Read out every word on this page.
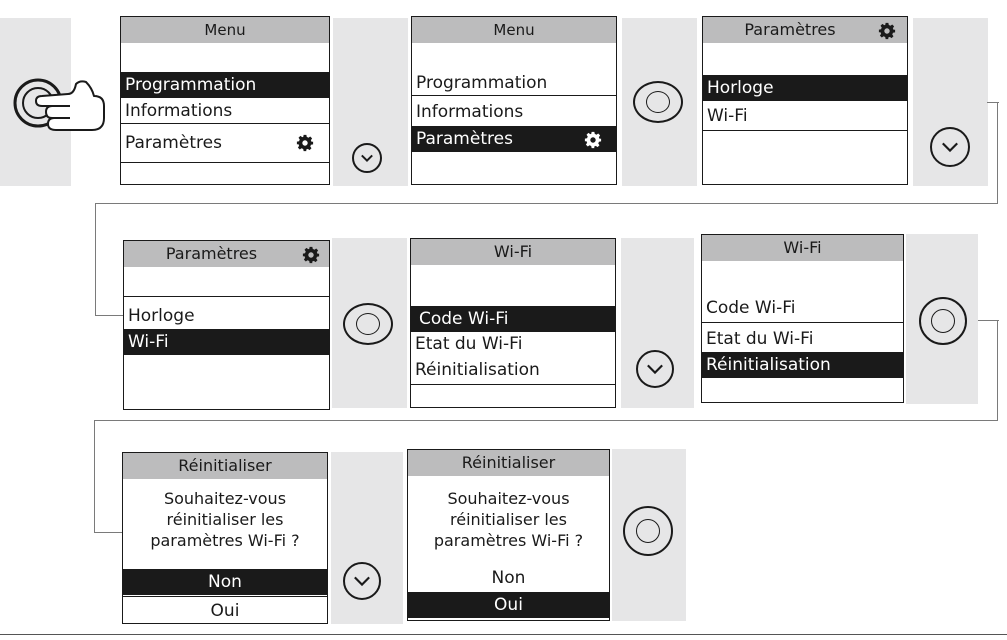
Menu
Programmation
Informations
Paramètres
Menu
Programmation
Informations
Paramètres
Paramètres
Horloge
Wi-Fi
Paramètres
Horloge
Wi-Fi
Wi-Fi
Code Wi-Fi
Etat du Wi-Fi
Réinitialisation
Wi-Fi
Code Wi-Fi
Etat du Wi-Fi
Réinitialisation
Réinitialiser
Souhaitez-vous
réinitialiser les
paramètres Wi-Fi ?
Non
Oui
Réinitialiser
Souhaitez-vous
réinitialiser les
paramètres Wi-Fi ?
Non
Oui
